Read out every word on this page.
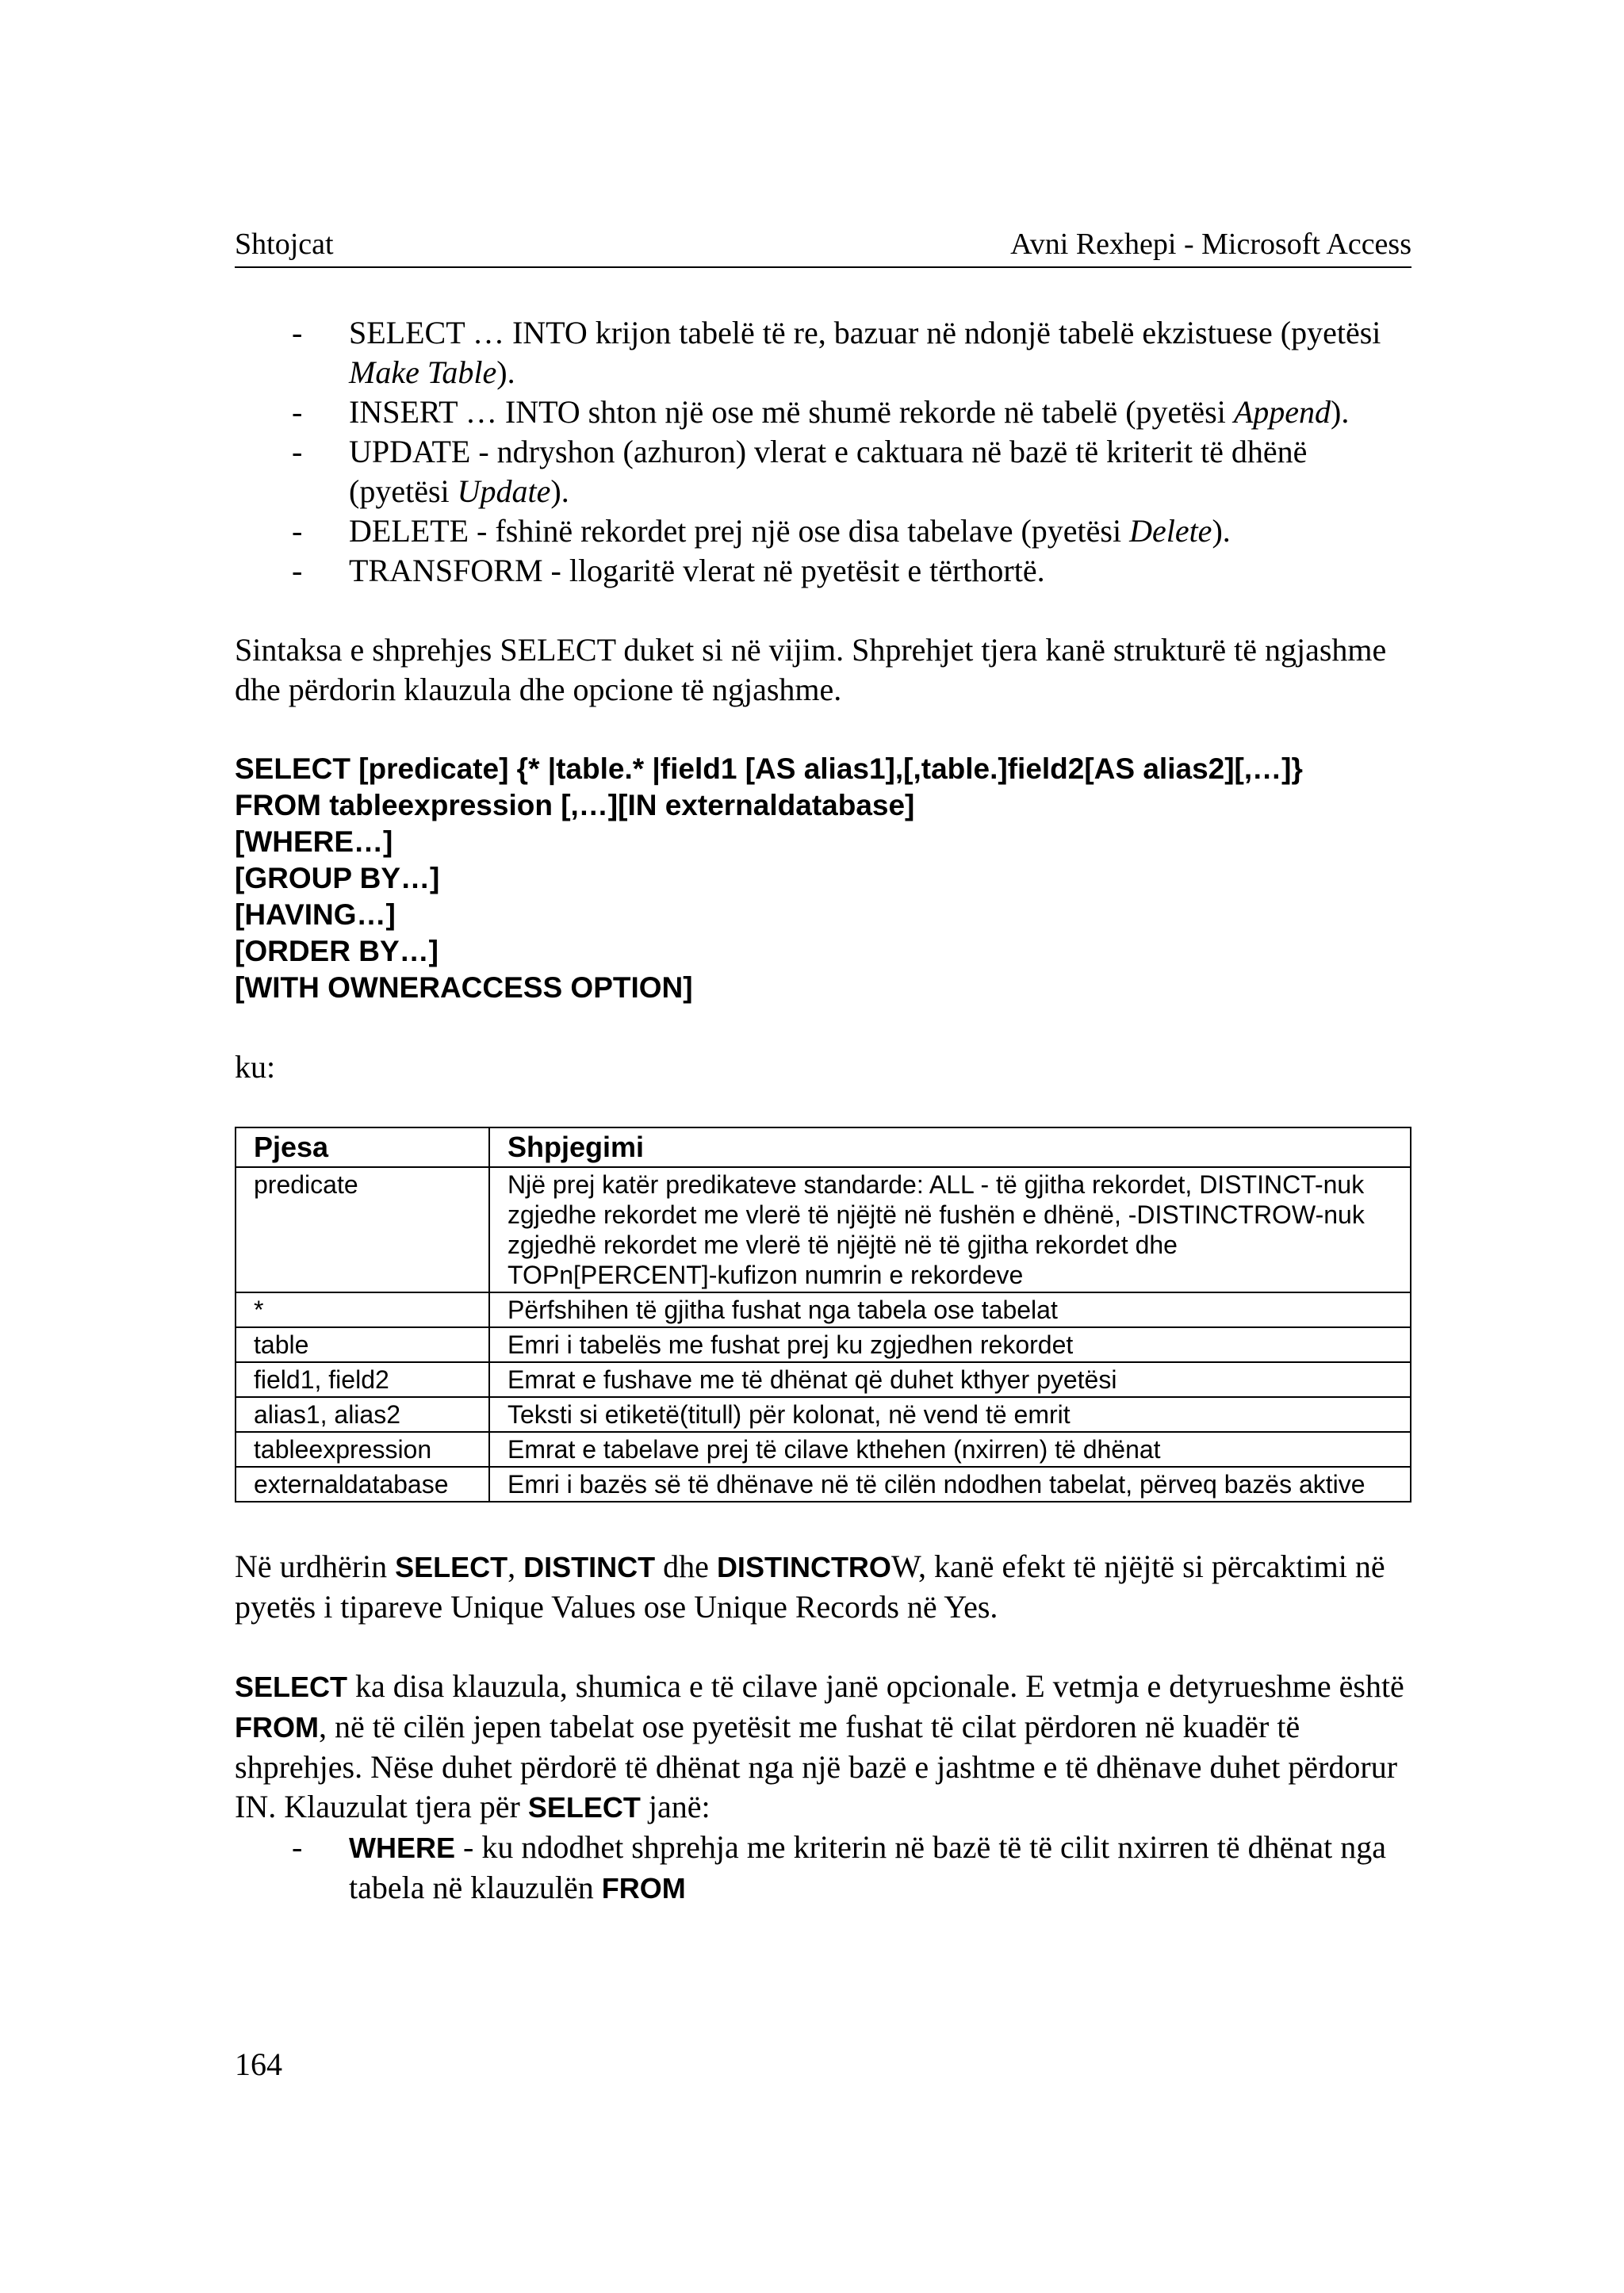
Shtojcat	Avni Rexhepi - Microsoft Access
- SELECT … INTO krijon tabelë të re, bazuar në ndonjë tabelë ekzistuese (pyetësi Make Table).
- INSERT … INTO shton një ose më shumë rekorde në tabelë (pyetësi Append).
- UPDATE - ndryshon (azhuron) vlerat e caktuara në bazë të kriterit të dhënë (pyetësi Update).
- DELETE - fshinë rekordet prej një ose disa tabelave (pyetësi Delete).
- TRANSFORM - llogaritë vlerat në pyetësit e tërthortë.

Sintaksa e shprehjes SELECT duket si në vijim. Shprehjet tjera kanë strukturë të ngjashme dhe përdorin klauzula dhe opcione të ngjashme.

SELECT [predicate] {* |table.* |field1 [AS alias1],[,table.]field2[AS alias2][,…]}
FROM tableexpression [,…][IN externaldatabase]
[WHERE…]
[GROUP BY…]
[HAVING…]
[ORDER BY…]
[WITH OWNERACCESS OPTION]

ku:

Pjesa	Shpjegimi
predicate	Një prej katër predikateve standarde: ALL - të gjitha rekordet, DISTINCT-nuk zgjedhe rekordet me vlerë të njëjtë në fushën e dhënë, -DISTINCTROW-nuk zgjedhë rekordet me vlerë të njëjtë në të gjitha rekordet dhe TOPn[PERCENT]-kufizon numrin e rekordeve
*	Përfshihen të gjitha fushat nga tabela ose tabelat
table	Emri i tabelës me fushat prej ku zgjedhen rekordet
field1, field2	Emrat e fushave me të dhënat që duhet kthyer pyetësi
alias1, alias2	Teksti si etiketë(titull) për kolonat, në vend të emrit
tableexpression	Emrat e tabelave prej të cilave kthehen (nxirren) të dhënat
externaldatabase	Emri i bazës së të dhënave në të cilën ndodhen tabelat, përveq bazës aktive

Në urdhërin SELECT, DISTINCT dhe DISTINCTROW, kanë efekt të njëjtë si përcaktimi në pyetës i tipareve Unique Values ose Unique Records në Yes.

SELECT ka disa klauzula, shumica e të cilave janë opcionale. E vetmja e detyrueshme është FROM, në të cilën jepen tabelat ose pyetësit me fushat të cilat përdoren në kuadër të shprehjes. Nëse duhet përdorë të dhënat nga një bazë e jashtme e të dhënave duhet përdorur IN. Klauzulat tjera për SELECT janë:

- WHERE - ku ndodhet shprehja me kriterin në bazë të të cilit nxirren të dhënat nga tabela në klauzulën FROM
164
